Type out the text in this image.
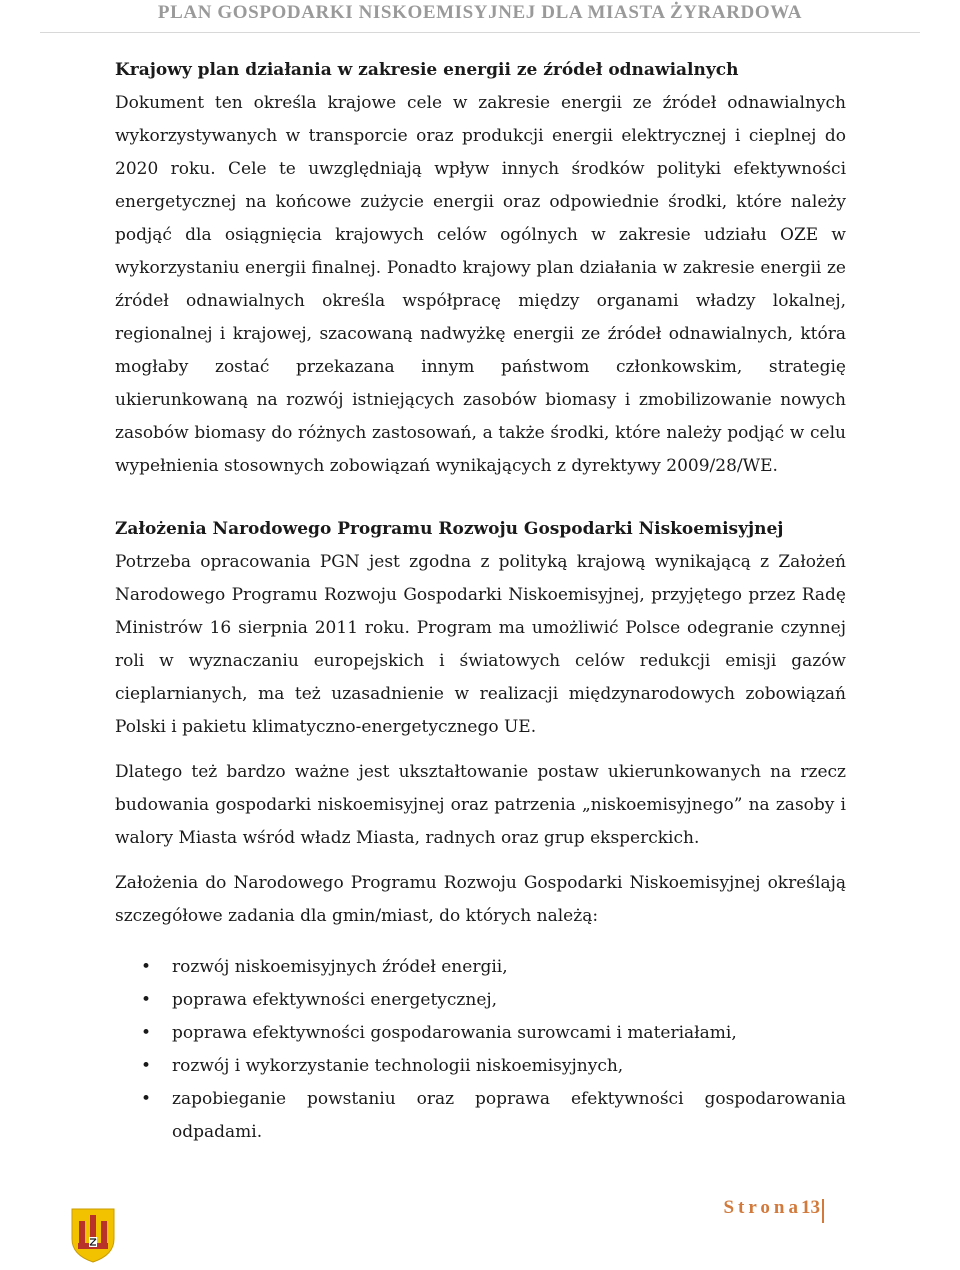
PLAN GOSPODARKI NISKOEMISYJNEJ DLA MIASTA ŻYRARDOWA

Krajowy plan działania w zakresie energii ze źródeł odnawialnych

Dokument ten określa krajowe cele w zakresie energii ze źródeł odnawialnych wykorzystywanych w transporcie oraz produkcji energii elektrycznej i cieplnej do 2020 roku. Cele te uwzględniają wpływ innych środków polityki efektywności energetycznej na końcowe zużycie energii oraz odpowiednie środki, które należy podjąć dla osiągnięcia krajowych celów ogólnych w zakresie udziału OZE w wykorzystaniu energii finalnej. Ponadto krajowy plan działania w zakresie energii ze źródeł odnawialnych określa współpracę między organami władzy lokalnej, regionalnej i krajowej, szacowaną nadwyżkę energii ze źródeł odnawialnych, która mogłaby zostać przekazana innym państwom członkowskim, strategię ukierunkowaną na rozwój istniejących zasobów biomasy i zmobilizowanie nowych zasobów biomasy do różnych zastosowań, a także środki, które należy podjąć w celu wypełnienia stosownych zobowiązań wynikających z dyrektywy 2009/28/WE.

Założenia Narodowego Programu Rozwoju Gospodarki Niskoemisyjnej

Potrzeba opracowania PGN jest zgodna z polityką krajową wynikającą z Założeń Narodowego Programu Rozwoju Gospodarki Niskoemisyjnej, przyjętego przez Radę Ministrów 16 sierpnia 2011 roku. Program ma umożliwić Polsce odegranie czynnej roli w wyznaczaniu europejskich i światowych celów redukcji emisji gazów cieplarnianych, ma też uzasadnienie w realizacji międzynarodowych zobowiązań Polski i pakietu klimatyczno-energetycznego UE.

Dlatego też bardzo ważne jest ukształtowanie postaw ukierunkowanych na rzecz budowania gospodarki niskoemisyjnej oraz patrzenia „niskoemisyjnego” na zasoby i walory Miasta wśród władz Miasta, radnych oraz grup eksperckich.

Założenia do Narodowego Programu Rozwoju Gospodarki Niskoemisyjnej określają szczegółowe zadania dla gmin/miast, do których należą:

• rozwój niskoemisyjnych źródeł energii,
• poprawa efektywności energetycznej,
• poprawa efektywności gospodarowania surowcami i materiałami,
• rozwój i wykorzystanie technologii niskoemisyjnych,
• zapobieganie powstaniu oraz poprawa efektywności gospodarowania odpadami.
Strona 13
